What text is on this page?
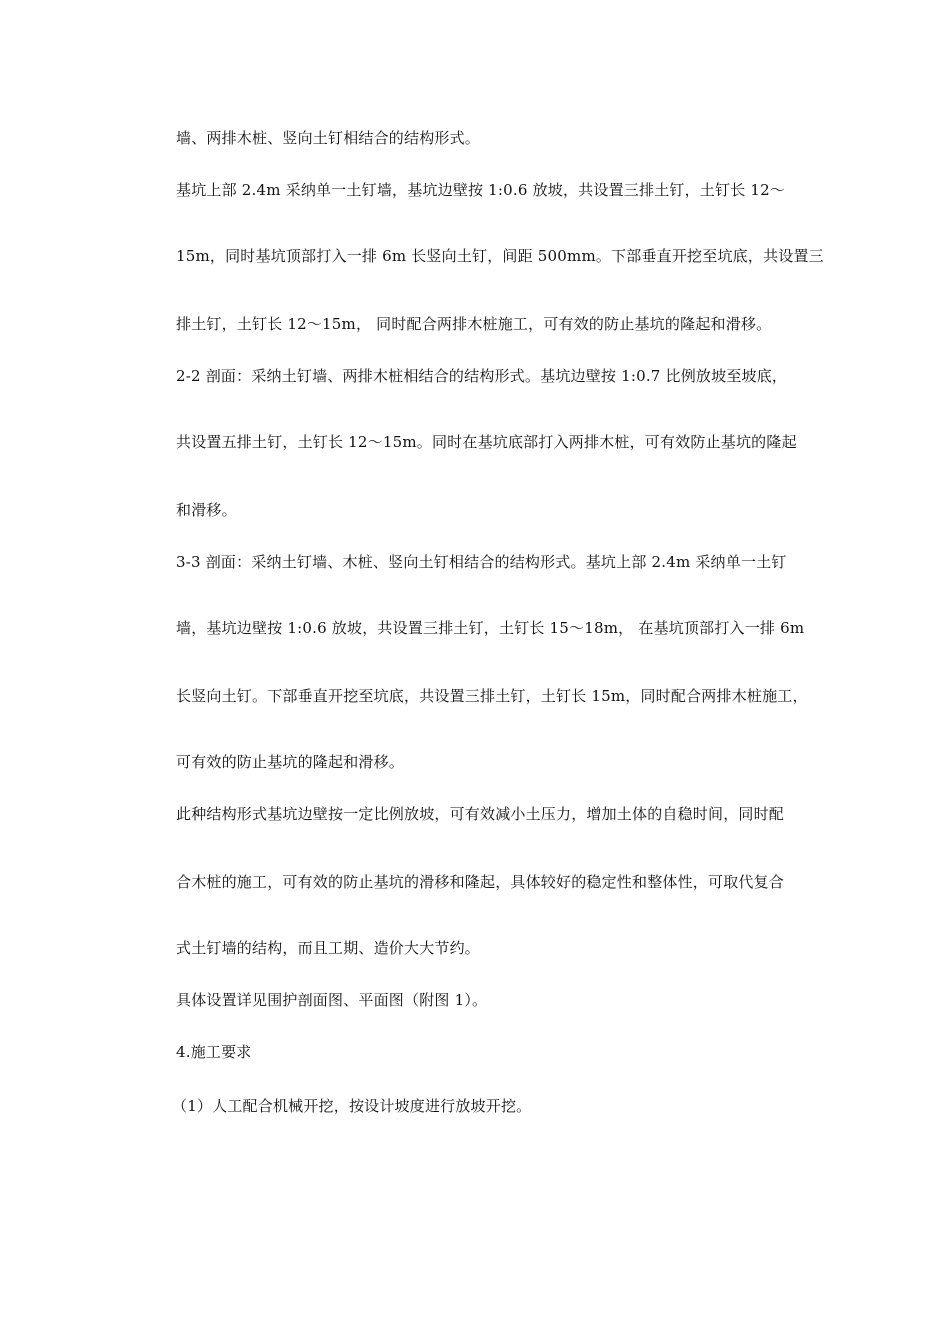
墙、两排木桩、竖向土钉相结合的结构形式。
基坑上部 2.4m 采纳单一土钉墙，基坑边壁按 1:0.6 放坡，共设置三排土钉，土钉长 12～
15m，同时基坑顶部打入一排 6m 长竖向土钉，间距 500mm。下部垂直开挖至坑底，共设置三
排土钉，土钉长 12～15m， 同时配合两排木桩施工，可有效的防止基坑的隆起和滑移。
2-2 剖面：采纳土钉墙、两排木桩相结合的结构形式。基坑边壁按 1:0.7 比例放坡至坡底，
共设置五排土钉，土钉长 12～15m。同时在基坑底部打入两排木桩，可有效防止基坑的隆起
和滑移。
3-3 剖面：采纳土钉墙、木桩、竖向土钉相结合的结构形式。基坑上部 2.4m 采纳单一土钉
墙，基坑边壁按 1:0.6 放坡，共设置三排土钉，土钉长 15～18m， 在基坑顶部打入一排 6m
长竖向土钉。下部垂直开挖至坑底，共设置三排土钉，土钉长 15m，同时配合两排木桩施工，
可有效的防止基坑的隆起和滑移。
此种结构形式基坑边壁按一定比例放坡，可有效减小土压力，增加土体的自稳时间，同时配
合木桩的施工，可有效的防止基坑的滑移和隆起，具体较好的稳定性和整体性，可取代复合
式土钉墙的结构，而且工期、造价大大节约。
具体设置详见围护剖面图、平面图（附图 1）。
4.施工要求
（1）人工配合机械开挖，按设计坡度进行放坡开挖。
